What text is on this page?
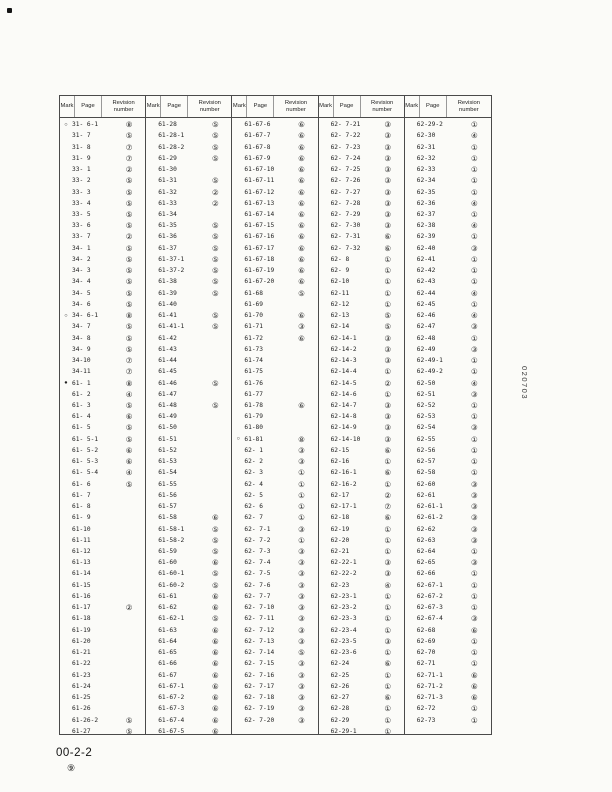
Mark	Page
Revision number
○ 31- 6-1	⑧
31- 7	⑤
31- 8	⑦
31- 9	⑦
33- 1	②
33- 2	⑤
33- 3	⑤
33- 4	⑤
33- 5	⑤
33- 6	⑤
33- 7	②
34- 1	⑤
34- 2	⑤
34- 3	⑤
34- 4	⑤
34- 5	⑤
34- 6	⑤
○ 34- 6-1	⑧
34- 7	⑤
34- 8	⑤
34- 9	⑤
34-10	⑦
34-11	⑦
● 61- 1	⑧
61- 2	④
61- 3	⑤
61- 4	⑥
61- 5	⑤
61- 5-1	⑤
61- 5-2	⑥
61- 5-3	⑥
61- 5-4	④
61- 6	⑤
61- 7
61- 8
61- 9
61-10
61-11
61-12
61-13
61-14
61-15
61-16
61-17	②
61-18
61-19
61-20
61-21
61-22
61-23
61-24
61-25
61-26
61-26-2	⑤
61-27	⑤
Mark	Page
Revision number
61-28	⑤
61-28-1	⑤
61-28-2	⑤
61-29	⑤
61-30
61-31	⑤
61-32	②
61-33	②
61-34
61-35	⑤
61-36	⑤
61-37	⑤
61-37-1	⑤
61-37-2	⑤
61-38	⑤
61-39	⑤
61-40
61-41	⑤
61-41-1	⑤
61-42
61-43
61-44
61-45
61-46	⑤
61-47
61-48	⑤
61-49
61-50
61-51
61-52
61-53
61-54
61-55
61-56
61-57
61-58	⑥
61-58-1	⑤
61-58-2	⑤
61-59	⑤
61-60	⑥
61-60-1	⑤
61-60-2	⑤
61-61	⑥
61-62	⑥
61-62-1	⑤
61-63	⑥
61-64	⑥
61-65	⑥
61-66	⑥
61-67	⑥
61-67-1	⑥
61-67-2	⑥
61-67-3	⑥
61-67-4	⑥
61-67-5	⑥
Mark	Page
Revision number
61-67-6	⑥
61-67-7	⑥
61-67-8	⑥
61-67-9	⑥
61-67-10	⑥
61-67-11	⑥
61-67-12	⑥
61-67-13	⑥
61-67-14	⑥
61-67-15	⑥
61-67-16	⑥
61-67-17	⑥
61-67-18	⑥
61-67-19	⑥
61-67-20	⑥
61-68	⑤
61-69
61-70	⑥
61-71	③
61-72	⑥
61-73
61-74
61-75
61-76
61-77
61-78	⑥
61-79
61-80
○ 61-81	⑧
62- 1	③
62- 2	③
62- 3	①
62- 4	①
62- 5	①
62- 6	①
62- 7	①
62- 7-1	③
62- 7-2	①
62- 7-3	③
62- 7-4	③
62- 7-5	③
62- 7-6	③
62- 7-7	③
62- 7-10	③
62- 7-11	③
62- 7-12	③
62- 7-13	③
62- 7-14	⑤
62- 7-15	③
62- 7-16	③
62- 7-17	③
62- 7-18	③
62- 7-19	③
62- 7-20	③
Mark	Page
Revision number
62- 7-21	③
62- 7-22	③
62- 7-23	③
62- 7-24	③
62- 7-25	③
62- 7-26	③
62- 7-27	③
62- 7-28	③
62- 7-29	③
62- 7-30	③
62- 7-31	⑥
62- 7-32	⑥
62- 8	①
62- 9	①
62-10	①
62-11	①
62-12	①
62-13	⑤
62-14	⑤
62-14-1	③
62-14-2	③
62-14-3	③
62-14-4	①
62-14-5	②
62-14-6	①
62-14-7	③
62-14-8	③
62-14-9	③
62-14-10	③
62-15	⑥
62-16	①
62-16-1	⑥
62-16-2	①
62-17	②
62-17-1	⑦
62-18	⑥
62-19	①
62-20	①
62-21	①
62-22-1	③
62-22-2	③
62-23	④
62-23-1	①
62-23-2	①
62-23-3	①
62-23-4	①
62-23-5	③
62-23-6	①
62-24	⑥
62-25	①
62-26	①
62-27	⑥
62-28	①
62-29	①
62-29-1	①
Mark	Page
Revision number
62-29-2	①
62-30	④
62-31	①
62-32	①
62-33	①
62-34	①
62-35	①
62-36	④
62-37	①
62-38	④
62-39	①
62-40	③
62-41	①
62-42	①
62-43	①
62-44	④
62-45	①
62-46	④
62-47	③
62-48	①
62-49	③
62-49-1	①
62-49-2	①
62-50	④
62-51	③
62-52	①
62-53	①
62-54	③
62-55	①
62-56	①
62-57	①
62-58	①
62-60	③
62-61	③
62-61-1	③
62-61-2	③
62-62	③
62-63	③
62-64	①
62-65	③
62-66	①
62-67-1	①
62-67-2	①
62-67-3	①
62-67-4	③
62-68	⑥
62-69	①
62-70	①
62-71	①
62-71-1	⑥
62-71-2	⑥
62-71-3	⑥
62-72	①
62-73	①
020703
00-2-2
⑨
